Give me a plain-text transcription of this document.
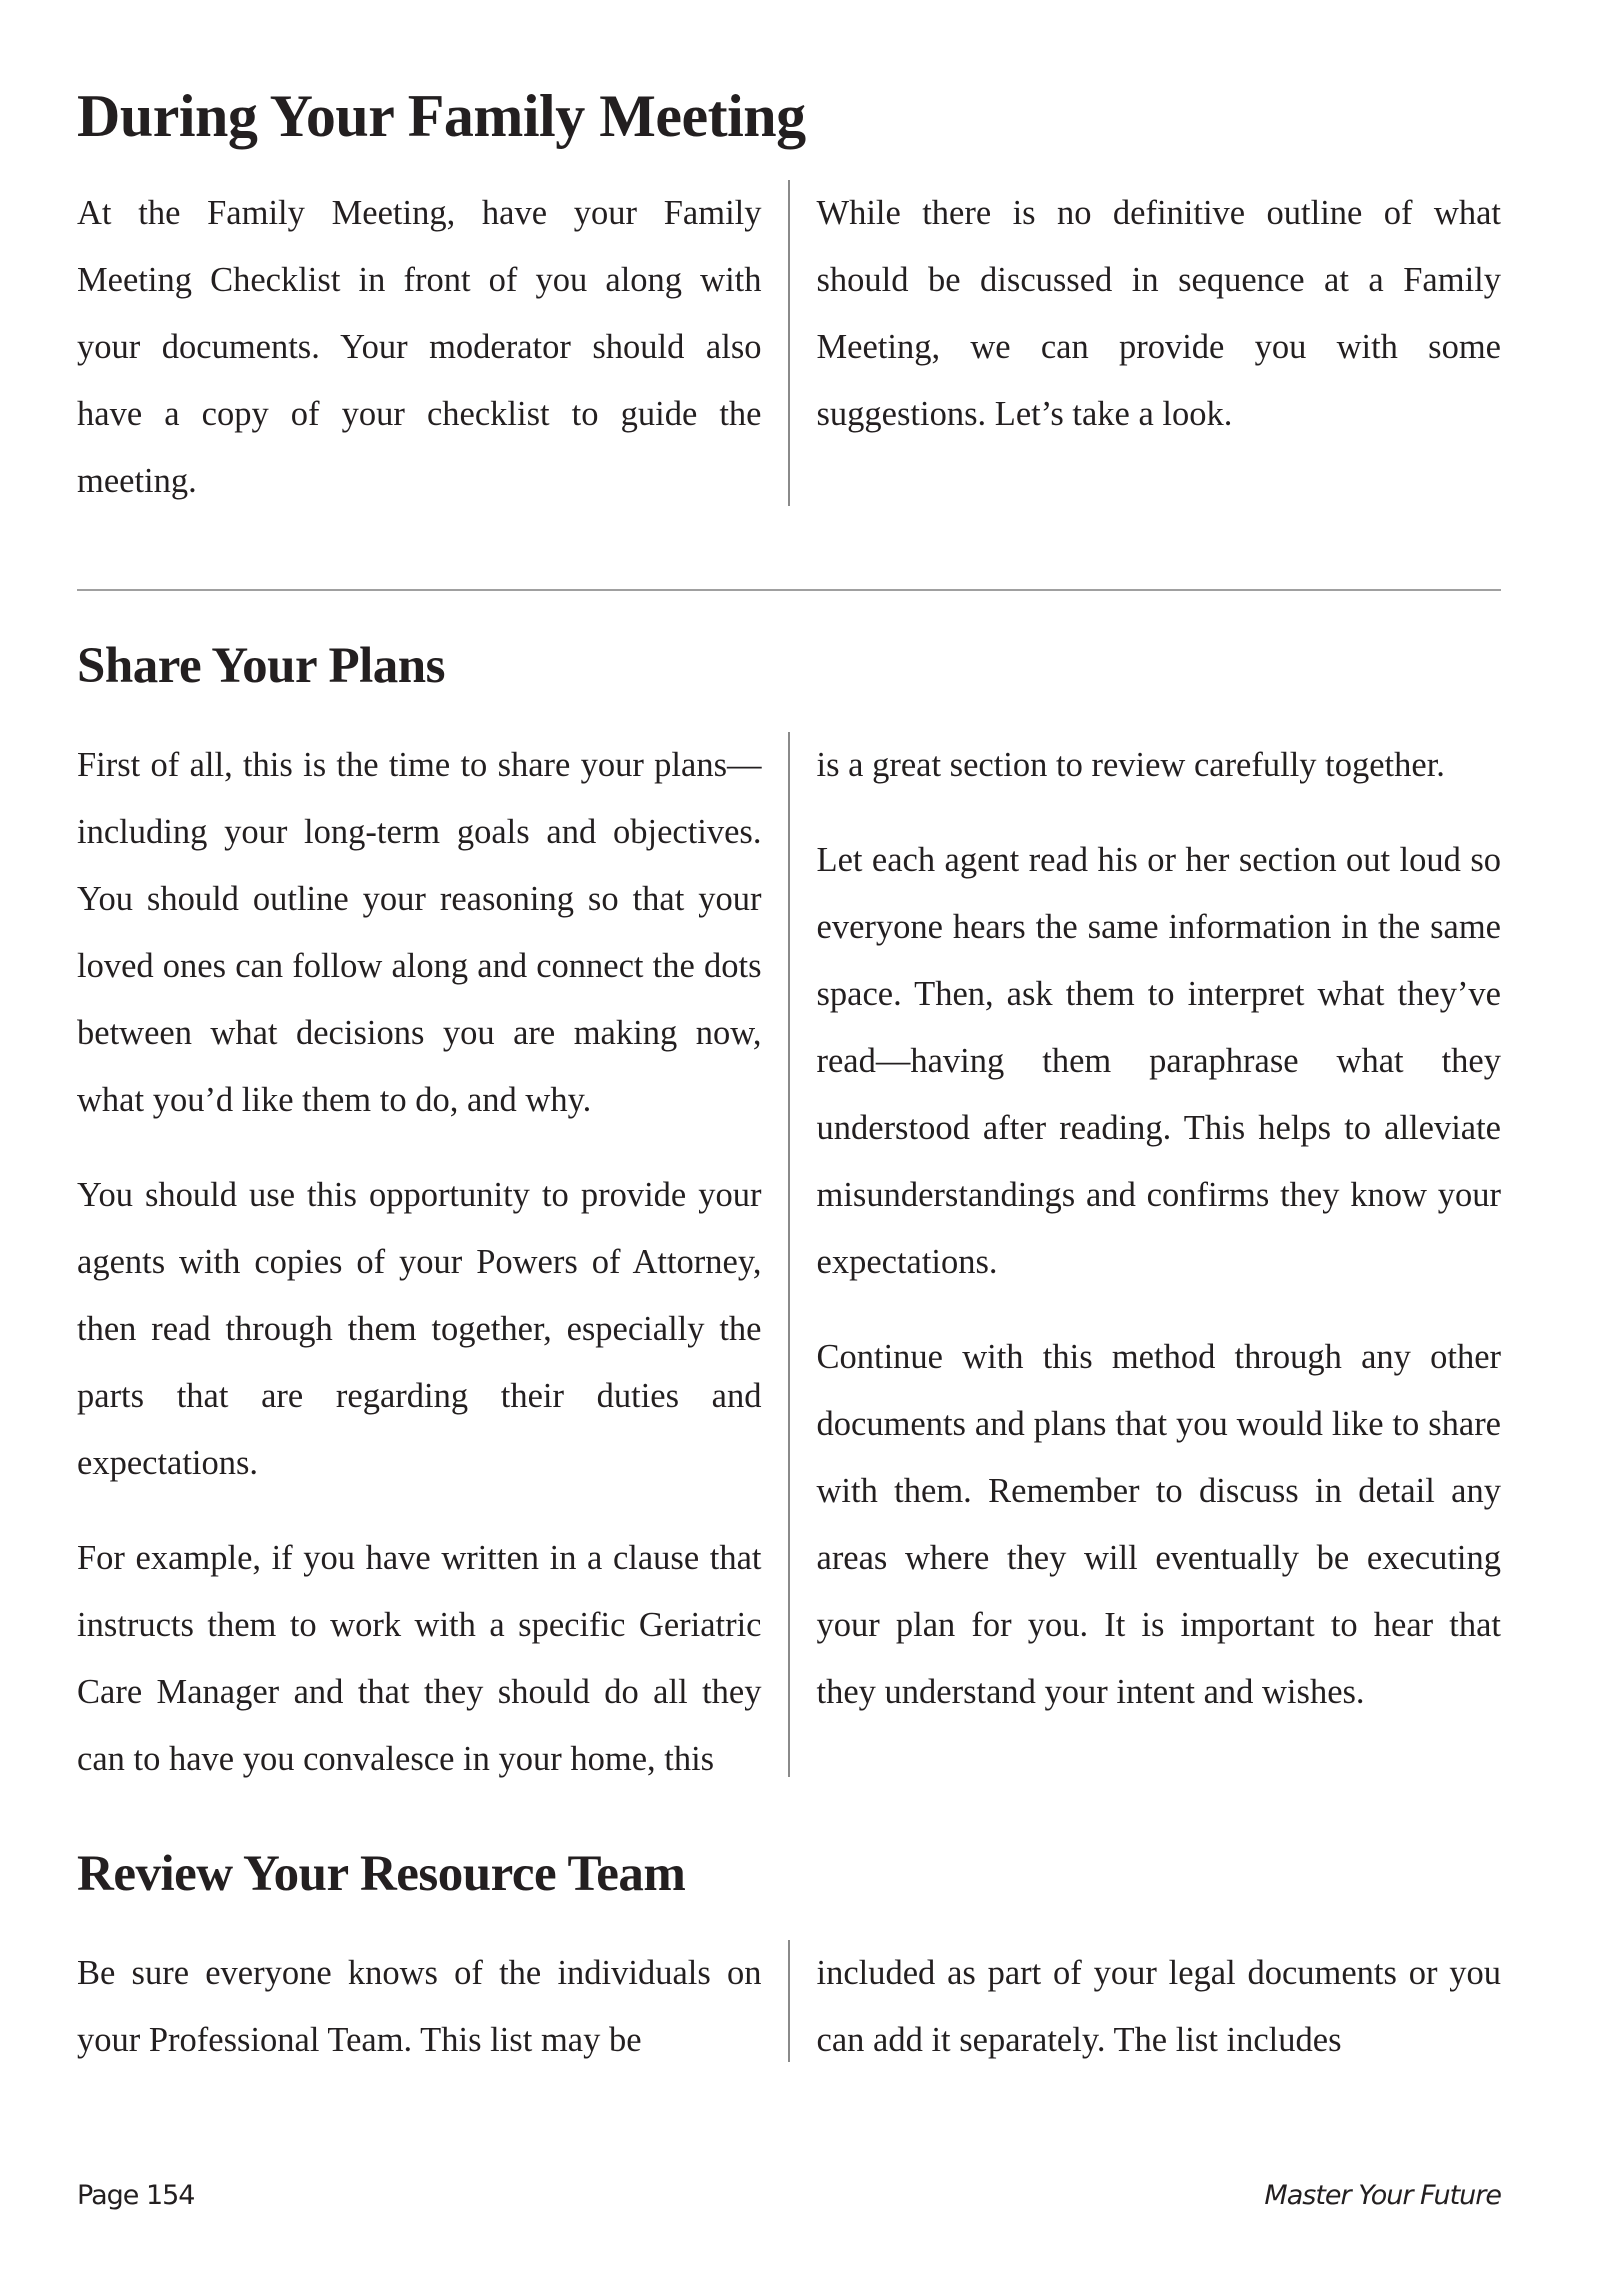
During Your Family Meeting

At the Family Meeting, have your Family Meeting Checklist in front of you along with your documents. Your moderator should also have a copy of your checklist to guide the meeting.

While there is no definitive outline of what should be discussed in sequence at a Family Meeting, we can provide you with some suggestions. Let’s take a look.

Share Your Plans

First of all, this is the time to share your plans—including your long-term goals and objectives. You should outline your reasoning so that your loved ones can follow along and connect the dots between what decisions you are making now, what you’d like them to do, and why.

You should use this opportunity to provide your agents with copies of your Powers of Attorney, then read through them together, especially the parts that are regarding their duties and expectations.

For example, if you have written in a clause that instructs them to work with a specific Geriatric Care Manager and that they should do all they can to have you convalesce in your home, this

is a great section to review carefully together.

Let each agent read his or her section out loud so everyone hears the same information in the same space. Then, ask them to interpret what they’ve read—having them paraphrase what they understood after reading. This helps to alleviate misunderstandings and confirms they know your expectations.

Continue with this method through any other documents and plans that you would like to share with them. Remember to discuss in detail any areas where they will eventually be executing your plan for you. It is important to hear that they understand your intent and wishes.

Review Your Resource Team

Be sure everyone knows of the individuals on your Professional Team. This list may be

included as part of your legal documents or you can add it separately. The list includes

Page 154	Master Your Future
